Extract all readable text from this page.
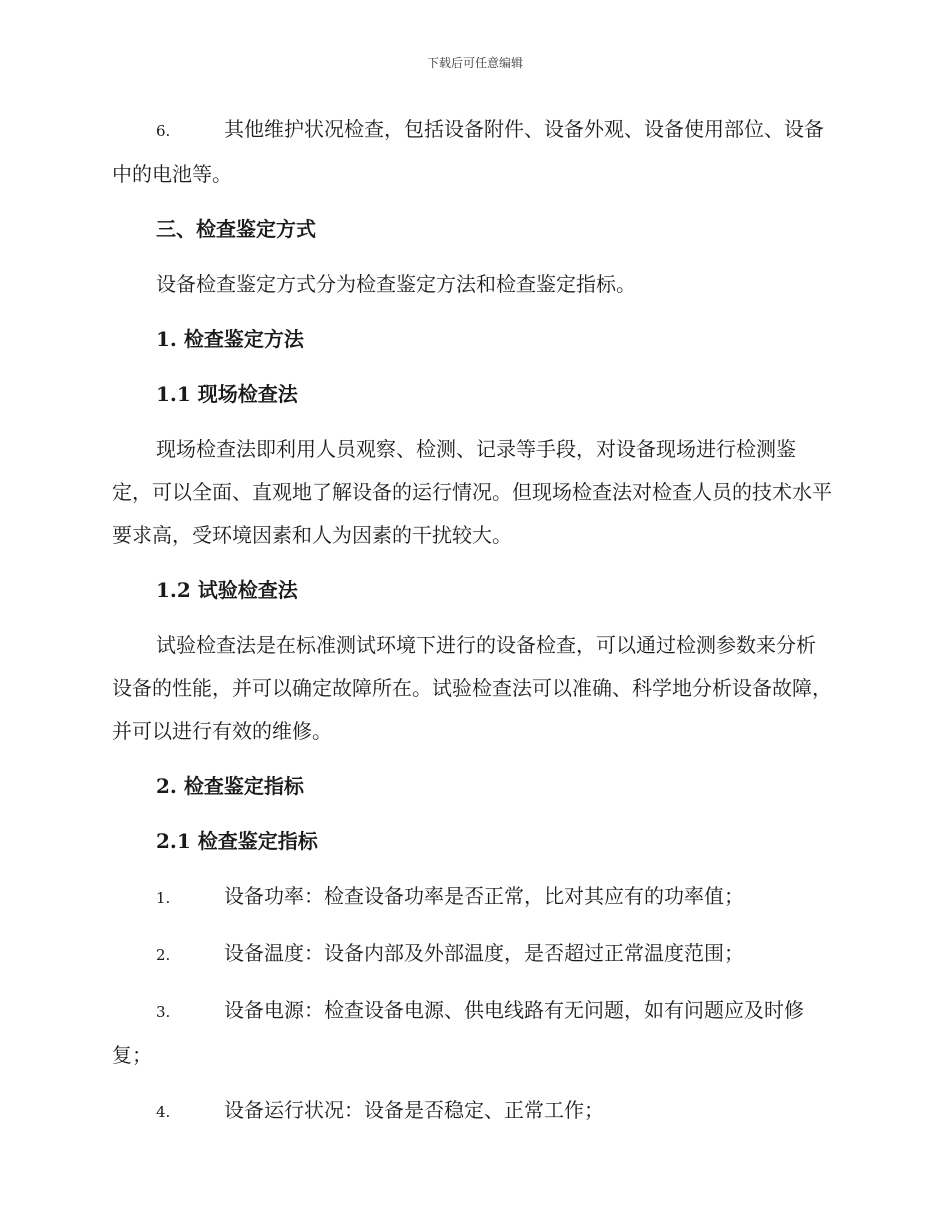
下载后可任意编辑
6.	其他维护状况检查，包括设备附件、设备外观、设备使用部位、设备中的电池等。
三、检查鉴定方式
设备检查鉴定方式分为检查鉴定方法和检查鉴定指标。
1. 检查鉴定方法
1.1 现场检查法
现场检查法即利用人员观察、检测、记录等手段，对设备现场进行检测鉴定，可以全面、直观地了解设备的运行情况。但现场检查法对检查人员的技术水平要求高，受环境因素和人为因素的干扰较大。
1.2 试验检查法
试验检查法是在标准测试环境下进行的设备检查，可以通过检测参数来分析设备的性能，并可以确定故障所在。试验检查法可以准确、科学地分析设备故障，并可以进行有效的维修。
2. 检查鉴定指标
2.1 检查鉴定指标
1.	设备功率：检查设备功率是否正常，比对其应有的功率值；
2.	设备温度：设备内部及外部温度，是否超过正常温度范围；
3.	设备电源：检查设备电源、供电线路有无问题，如有问题应及时修复；
4.	设备运行状况：设备是否稳定、正常工作；
